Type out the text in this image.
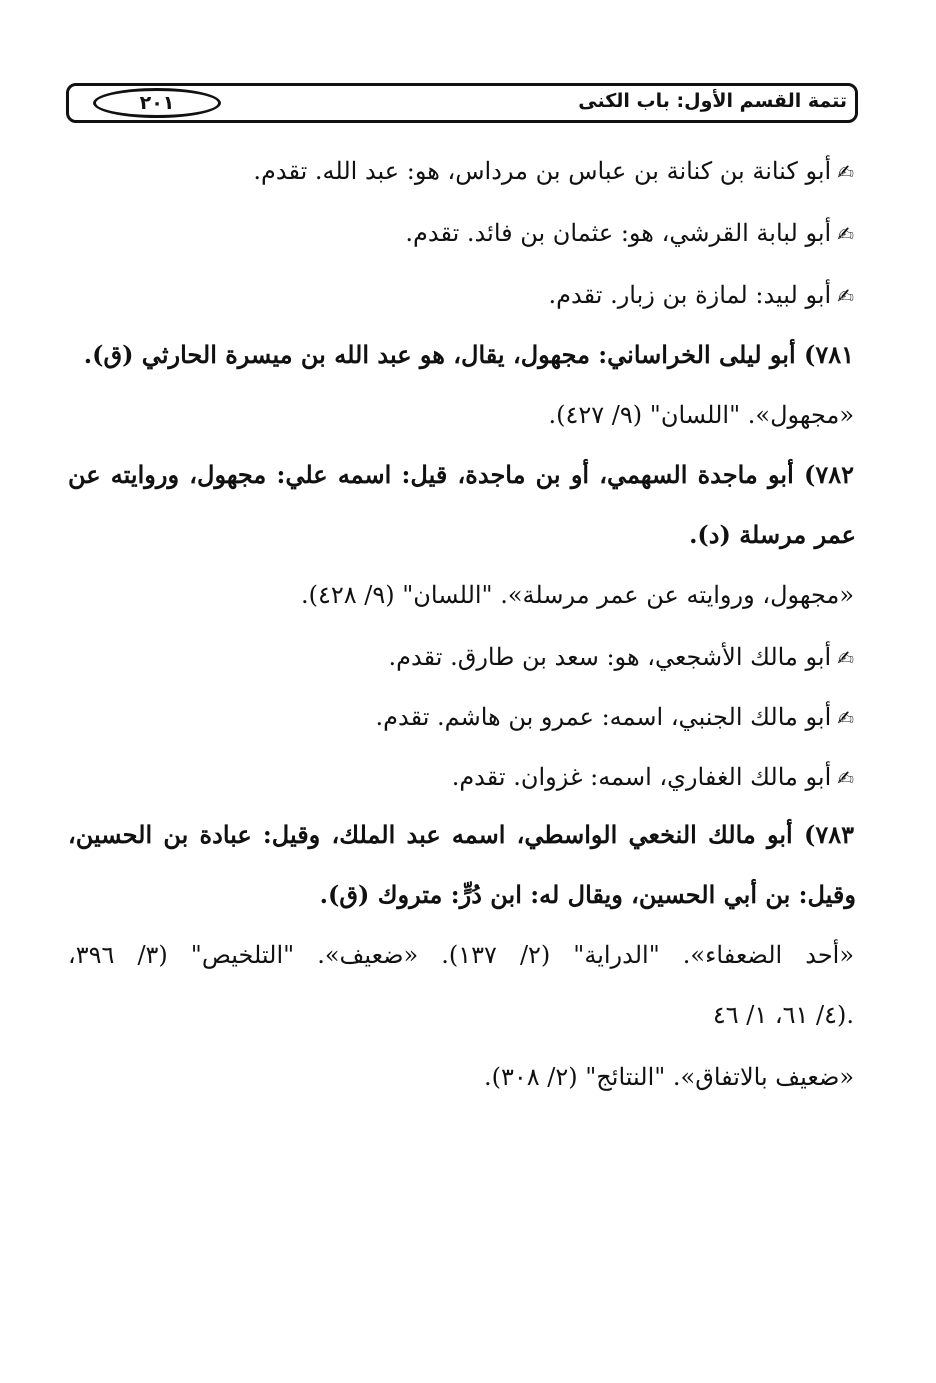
تتمة القسم الأول: باب الكنى
٢٠١
✍أبو كنانة بن كنانة بن عباس بن مرداس، هو: عبد الله. تقدم.
✍أبو لبابة القرشي، هو: عثمان بن فائد. تقدم.
✍أبو لبيد: لمازة بن زبار. تقدم.
٧٨١) أبو ليلى الخراساني: مجهول، يقال، هو عبد الله بن ميسرة الحارثي (ق).
«مجهول». "اللسان" (٩/ ٤٢٧).
٧٨٢) أبو ماجدة السهمي، أو بن ماجدة، قيل: اسمه علي: مجهول، وروايته عن
عمر مرسلة (د).
«مجهول، وروايته عن عمر مرسلة». "اللسان" (٩/ ٤٢٨).
✍أبو مالك الأشجعي، هو: سعد بن طارق. تقدم.
✍أبو مالك الجنبي، اسمه: عمرو بن هاشم. تقدم.
✍أبو مالك الغفاري، اسمه: غزوان. تقدم.
٧٨٣) أبو مالك النخعي الواسطي، اسمه عبد الملك، وقيل: عبادة بن الحسين،
وقيل: بن أبي الحسين، ويقال له: ابن دُرٍّ: متروك (ق).
«أحد الضعفاء». "الدراية" (٢/ ١٣٧). «ضعيف». "التلخيص" (٣/ ٣٩٦،
٤/ ٦١، ١/ ٤٦).
«ضعيف بالاتفاق». "النتائج" (٢/ ٣٠٨).
